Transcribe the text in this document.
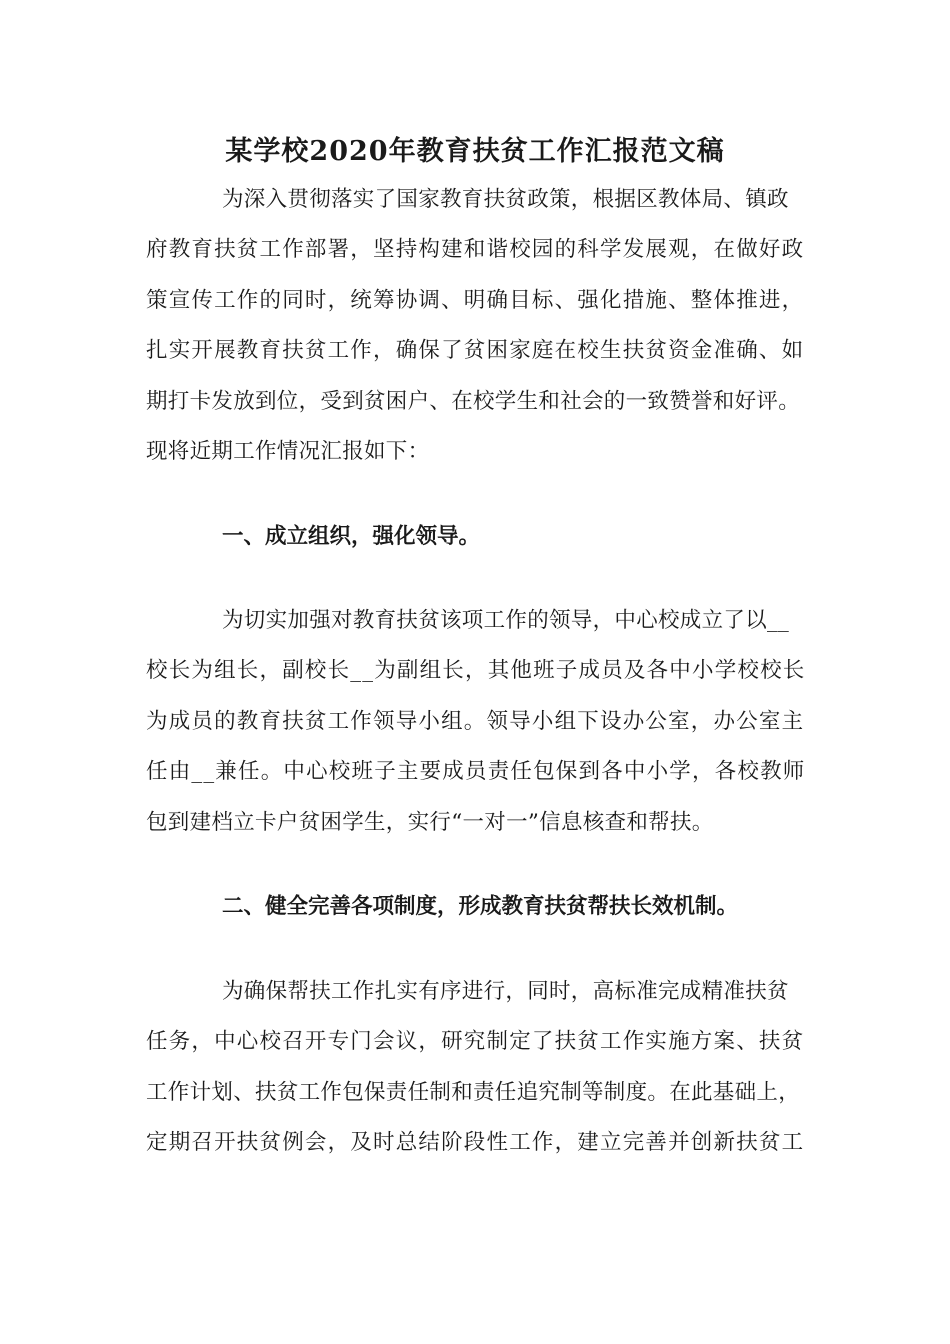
某学校2020年教育扶贫工作汇报范文稿
为深入贯彻落实了国家教育扶贫政策，根据区教体局、镇政
府教育扶贫工作部署，坚持构建和谐校园的科学发展观，在做好政
策宣传工作的同时，统筹协调、明确目标、强化措施、整体推进，
扎实开展教育扶贫工作，确保了贫困家庭在校生扶贫资金准确、如
期打卡发放到位，受到贫困户、在校学生和社会的一致赞誉和好评。
现将近期工作情况汇报如下：
一、成立组织，强化领导。
为切实加强对教育扶贫该项工作的领导，中心校成立了以__
校长为组长，副校长__为副组长，其他班子成员及各中小学校校长
为成员的教育扶贫工作领导小组。领导小组下设办公室，办公室主
任由__兼任。中心校班子主要成员责任包保到各中小学，各校教师
包到建档立卡户贫困学生，实行“一对一”信息核查和帮扶。
二、健全完善各项制度，形成教育扶贫帮扶长效机制。
为确保帮扶工作扎实有序进行，同时，高标准完成精准扶贫
任务，中心校召开专门会议，研究制定了扶贫工作实施方案、扶贫
工作计划、扶贫工作包保责任制和责任追究制等制度。在此基础上，
定期召开扶贫例会，及时总结阶段性工作，建立完善并创新扶贫工
